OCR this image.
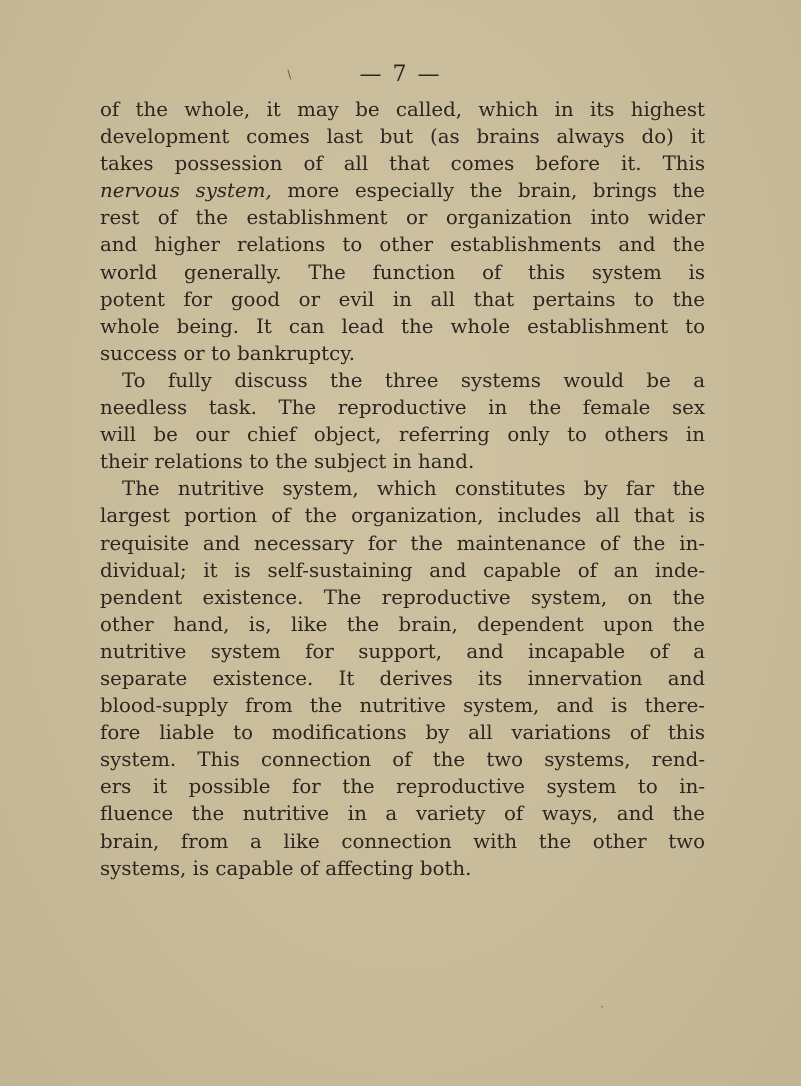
— 7 —

of the whole, it may be called, which in its highest
development comes last but (as brains always do) it
takes possession of all that comes before it. This
nervous system, more especially the brain, brings the
rest of the establishment or organization into wider
and higher relations to other establishments and the
world generally. The function of this system is
potent for good or evil in all that pertains to the
whole being. It can lead the whole establishment to
success or to bankruptcy.

To fully discuss the three systems would be a
needless task. The reproductive in the female sex
will be our chief object, referring only to others in
their relations to the subject in hand.

The nutritive system, which constitutes by far the
largest portion of the organization, includes all that is
requisite and necessary for the maintenance of the in-
dividual; it is self-sustaining and capable of an inde-
pendent existence. The reproductive system, on the
other hand, is, like the brain, dependent upon the
nutritive system for support, and incapable of a
separate existence. It derives its innervation and
blood-supply from the nutritive system, and is there-
fore liable to modifications by all variations of this
system. This connection of the two systems, rend-
ers it possible for the reproductive system to in-
fluence the nutritive in a variety of ways, and the
brain, from a like connection with the other two
systems, is capable of affecting both.

∖
⋅
